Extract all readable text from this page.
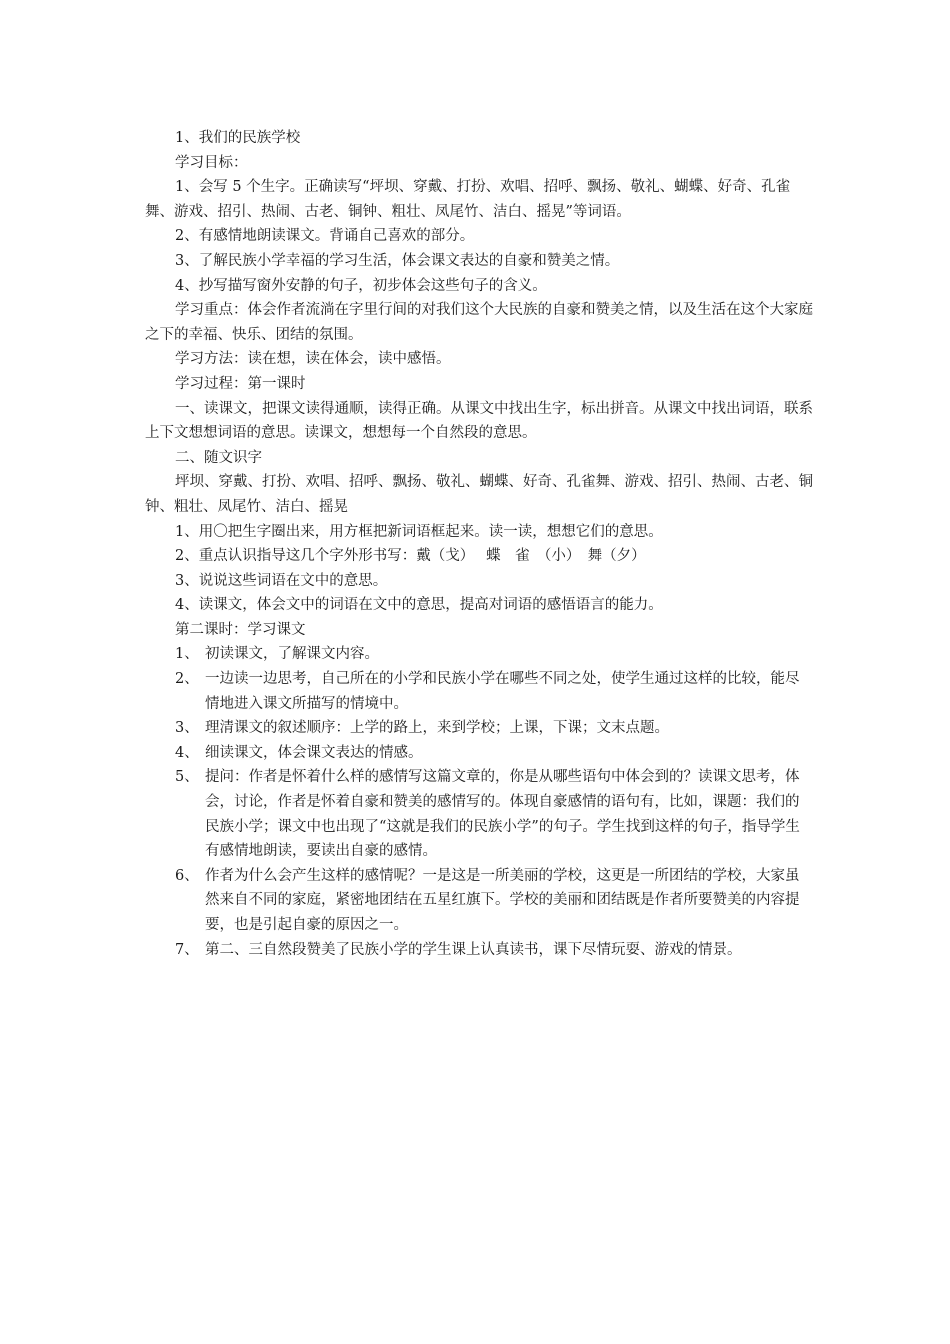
1、我们的民族学校

学习目标：

1、会写 5 个生字。正确读写“坪坝、穿戴、打扮、欢唱、招呼、飘扬、敬礼、蝴蝶、好奇、孔雀舞、游戏、招引、热闹、古老、铜钟、粗壮、凤尾竹、洁白、摇晃”等词语。

2、有感情地朗读课文。背诵自己喜欢的部分。

3、了解民族小学幸福的学习生活，体会课文表达的自豪和赞美之情。

4、抄写描写窗外安静的句子，初步体会这些句子的含义。

学习重点：体会作者流淌在字里行间的对我们这个大民族的自豪和赞美之情，以及生活在这个大家庭之下的幸福、快乐、团结的氛围。

学习方法：读在想，读在体会，读中感悟。

学习过程：第一课时

一、读课文，把课文读得通顺，读得正确。从课文中找出生字，标出拼音。从课文中找出词语，联系上下文想想词语的意思。读课文，想想每一个自然段的意思。

二、随文识字

坪坝、穿戴、打扮、欢唱、招呼、飘扬、敬礼、蝴蝶、好奇、孔雀舞、游戏、招引、热闹、古老、铜钟、粗壮、凤尾竹、洁白、摇晃

1、用〇把生字圈出来，用方框把新词语框起来。读一读，想想它们的意思。

2、重点认识指导这几个字外形书写：戴（戈）　 蝶　雀　（小）　舞（夕）

3、说说这些词语在文中的意思。

4、读课文，体会文中的词语在文中的意思，提高对词语的感悟语言的能力。

第二课时：学习课文

1、 初读课文，了解课文内容。
2、 一边读一边思考，自己所在的小学和民族小学在哪些不同之处，使学生通过这样的比较，能尽情地进入课文所描写的情境中。
3、 理清课文的叙述顺序：上学的路上，来到学校；上课，下课；文末点题。
4、 细读课文，体会课文表达的情感。
5、 提问：作者是怀着什么样的感情写这篇文章的，你是从哪些语句中体会到的？读课文思考，体会，讨论，作者是怀着自豪和赞美的感情写的。体现自豪感情的语句有，比如，课题：我们的民族小学；课文中也出现了“这就是我们的民族小学”的句子。学生找到这样的句子，指导学生有感情地朗读，要读出自豪的感情。
6、 作者为什么会产生这样的感情呢？一是这是一所美丽的学校，这更是一所团结的学校，大家虽然来自不同的家庭，紧密地团结在五星红旗下。学校的美丽和团结既是作者所要赞美的内容提要，也是引起自豪的原因之一。
7、 第二、三自然段赞美了民族小学的学生课上认真读书，课下尽情玩耍、游戏的情景。
